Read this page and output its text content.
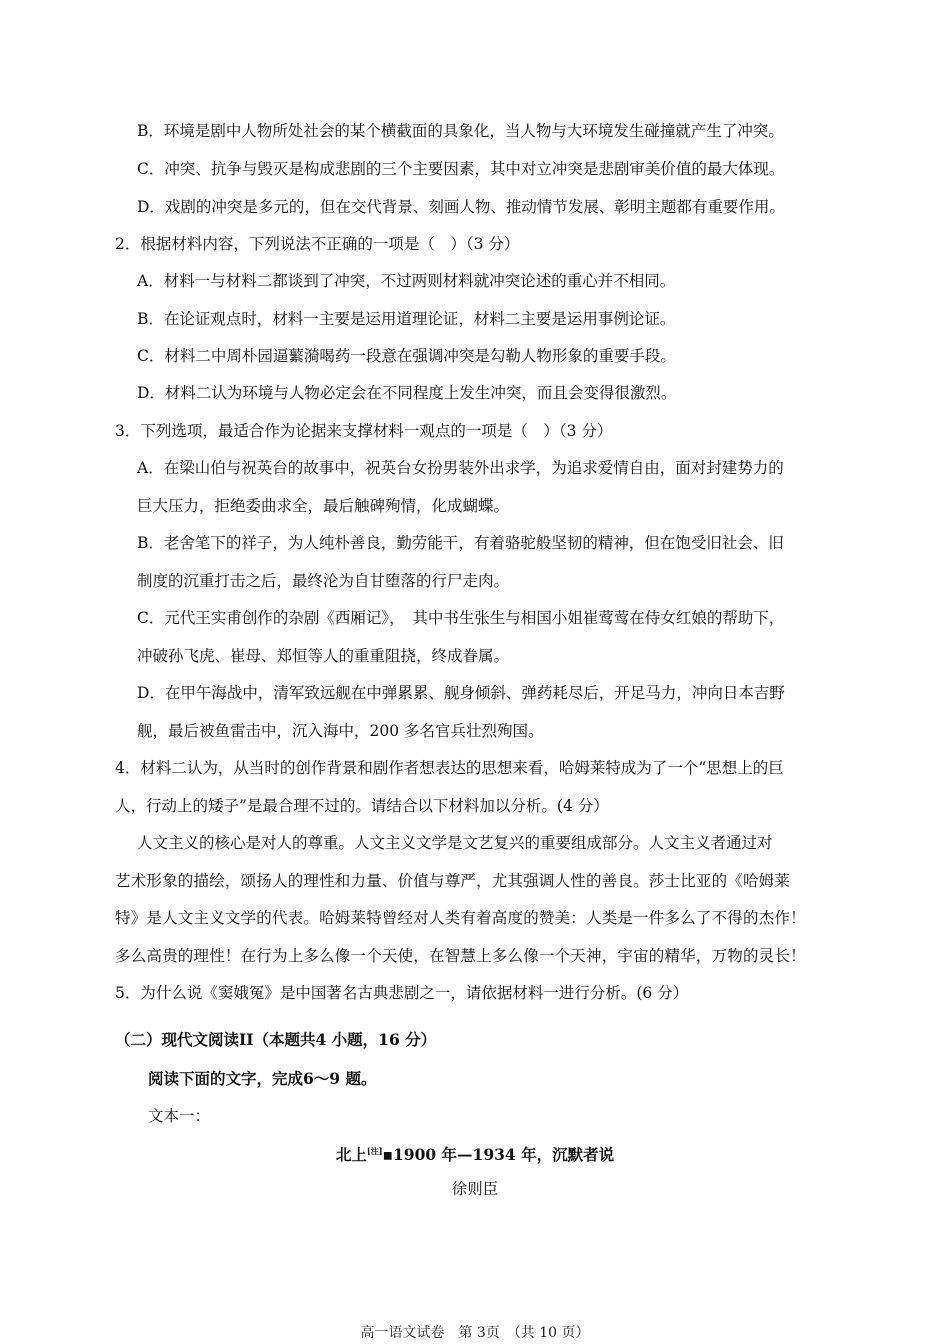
B．环境是剧中人物所处社会的某个横截面的具象化，当人物与大环境发生碰撞就产生了冲突。
C．冲突、抗争与毁灭是构成悲剧的三个主要因素，其中对立冲突是悲剧审美价值的最大体现。
D．戏剧的冲突是多元的，但在交代背景、刻画人物、推动情节发展、彰明主题都有重要作用。
2．根据材料内容，下列说法不正确的一项是（　）（3 分）
A．材料一与材料二都谈到了冲突，不过两则材料就冲突论述的重心并不相同。
B．在论证观点时，材料一主要是运用道理论证，材料二主要是运用事例论证。
C．材料二中周朴园逼蘩漪喝药一段意在强调冲突是勾勒人物形象的重要手段。
D．材料二认为环境与人物必定会在不同程度上发生冲突，而且会变得很激烈。
3．下列选项，最适合作为论据来支撑材料一观点的一项是（　）（3 分）
A．在梁山伯与祝英台的故事中，祝英台女扮男装外出求学，为追求爱情自由，面对封建势力的
巨大压力，拒绝委曲求全，最后触碑殉情，化成蝴蝶。
B．老舍笔下的祥子，为人纯朴善良，勤劳能干，有着骆驼般坚韧的精神，但在饱受旧社会、旧
制度的沉重打击之后，最终沦为自甘堕落的行尸走肉。
C．元代王实甫创作的杂剧《西厢记》，　其中书生张生与相国小姐崔莺莺在侍女红娘的帮助下，
冲破孙飞虎、崔母、郑恒等人的重重阻挠，终成眷属。
D．在甲午海战中，清军致远舰在中弹累累、舰身倾斜、弹药耗尽后，开足马力，冲向日本吉野
舰，最后被鱼雷击中，沉入海中，200 多名官兵壮烈殉国。
4．材料二认为，从当时的创作背景和剧作者想表达的思想来看，哈姆莱特成为了一个“思想上的巨
人，行动上的矮子”是最合理不过的。请结合以下材料加以分析。(4 分）
人文主义的核心是对人的尊重。人文主义文学是文艺复兴的重要组成部分。人文主义者通过对
艺术形象的描绘，颂扬人的理性和力量、价值与尊严，尤其强调人性的善良。莎士比亚的《哈姆莱
特》是人文主义文学的代表。哈姆莱特曾经对人类有着高度的赞美：人类是一件多么了不得的杰作！
多么高贵的理性！在行为上多么像一个天使，在智慧上多么像一个天神，宇宙的精华，万物的灵长！
5．为什么说《窦娥冤》是中国著名古典悲剧之一，请依据材料一进行分析。(6 分）
（二）现代文阅读II（本题共4 小题，16 分）
阅读下面的文字，完成6～9 题。
文本一：
北上[注]▪1900 年—1934 年，沉默者说
徐则臣
高一语文试卷　第 3页　（共 10 页）
